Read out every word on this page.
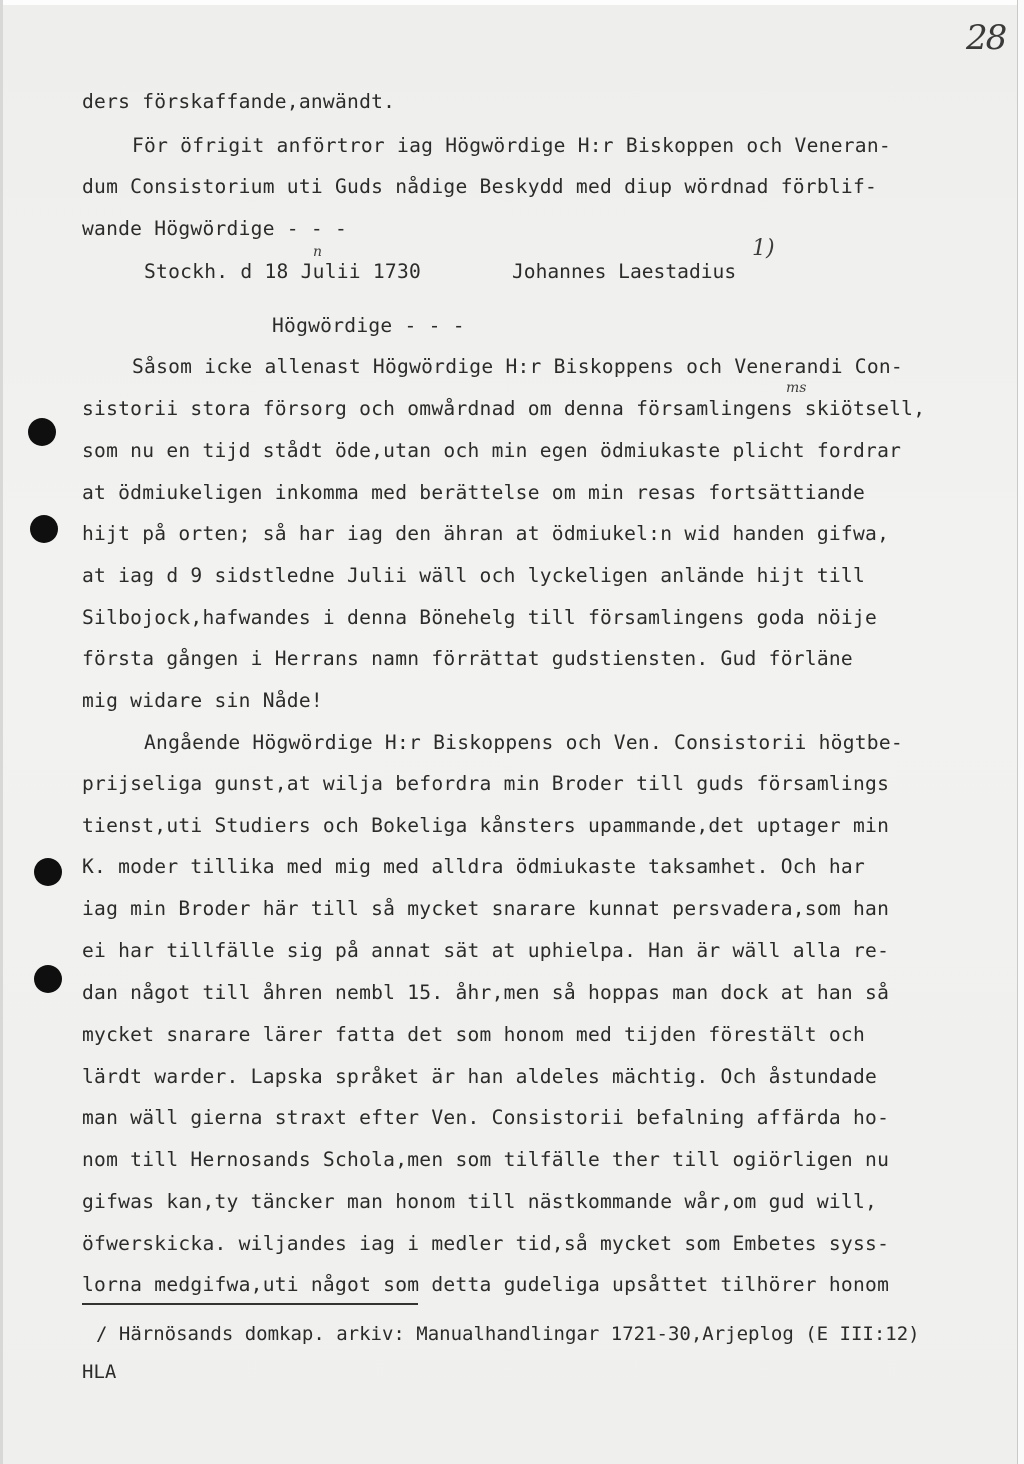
28
ders förskaffande,anwändt.
För öfrigit anförtror iag Högwördige H:r Biskoppen och Veneran-
dum Consistorium uti Guds nådige Beskydd med diup wördnad förblif-
wande Högwördige - - -
Stockh. d 18 Julii 1730
n
Johannes Laestadius
1)
Högwördige - - -
Såsom icke allenast Högwördige H:r Biskoppens och Venerandi Con-
ms
sistorii stora försorg och omwårdnad om denna församlingens skiötsell,
som nu en tijd stådt öde,utan och min egen ödmiukaste plicht fordrar
at ödmiukeligen inkomma med berättelse om min resas fortsättiande
hijt på orten; så har iag den ähran at ödmiukel:n wid handen gifwa,
at iag d 9 sidstledne Julii wäll och lyckeligen anlände hijt till
Silbojock,hafwandes i denna Bönehelg till församlingens goda nöije
första gången i Herrans namn förrättat gudstiensten. Gud förläne
mig widare sin Nåde!
Angående Högwördige H:r Biskoppens och Ven. Consistorii högtbe-
prijseliga gunst,at wilja befordra min Broder till guds församlings
tienst,uti Studiers och Bokeliga kånsters upammande,det uptager min
K. moder tillika med mig med alldra ödmiukaste taksamhet. Och har
iag min Broder här till så mycket snarare kunnat persvadera,som han
ei har tillfälle sig på annat sät at uphielpa. Han är wäll alla re-
dan något till åhren nembl 15. åhr,men så hoppas man dock at han så
mycket snarare lärer fatta det som honom med tijden förestält och
lärdt warder. Lapska språket är han aldeles mächtig. Och åstundade
man wäll gierna straxt efter Ven. Consistorii befalning affärda ho-
nom till Hernosands Schola,men som tilfälle ther till ogiörligen nu
gifwas kan,ty täncker man honom till nästkommande wår,om gud will,
öfwerskicka. wiljandes iag i medler tid,så mycket som Embetes syss-
lorna medgifwa,uti något som detta gudeliga upsåttet tilhörer honom
/ Härnösands domkap. arkiv: Manualhandlingar 1721-30,Arjeplog (E III:12)
HLA
